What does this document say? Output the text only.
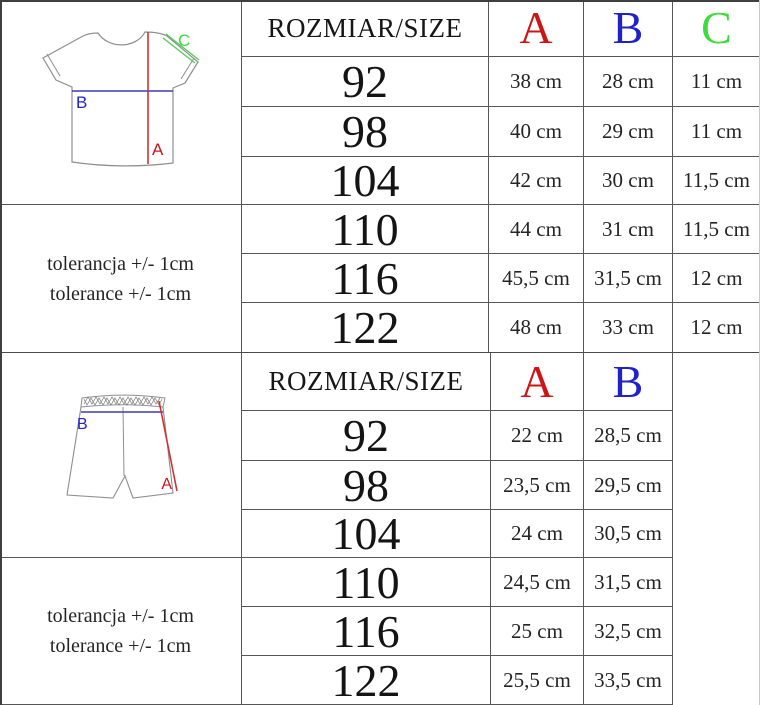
B
A
C	ROZMIAR/SIZE	A	B	C
92	38 cm	28 cm	11 cm
98	40 cm	29 cm	11 cm
104	42 cm	30 cm	11,5 cm
tolerancja +/- 1cm
tolerance +/- 1cm
110	44 cm	31 cm	11,5 cm
116	45,5 cm	31,5 cm	12 cm
122	48 cm	33 cm	12 cm
B
A
ROZMIAR/SIZE	A	B
92	22 cm	28,5 cm
98	23,5 cm	29,5 cm
104	24 cm	30,5 cm
tolerancja +/- 1cm
tolerance +/- 1cm
110	24,5 cm	31,5 cm
116	25 cm	32,5 cm
122	25,5 cm	33,5 cm
